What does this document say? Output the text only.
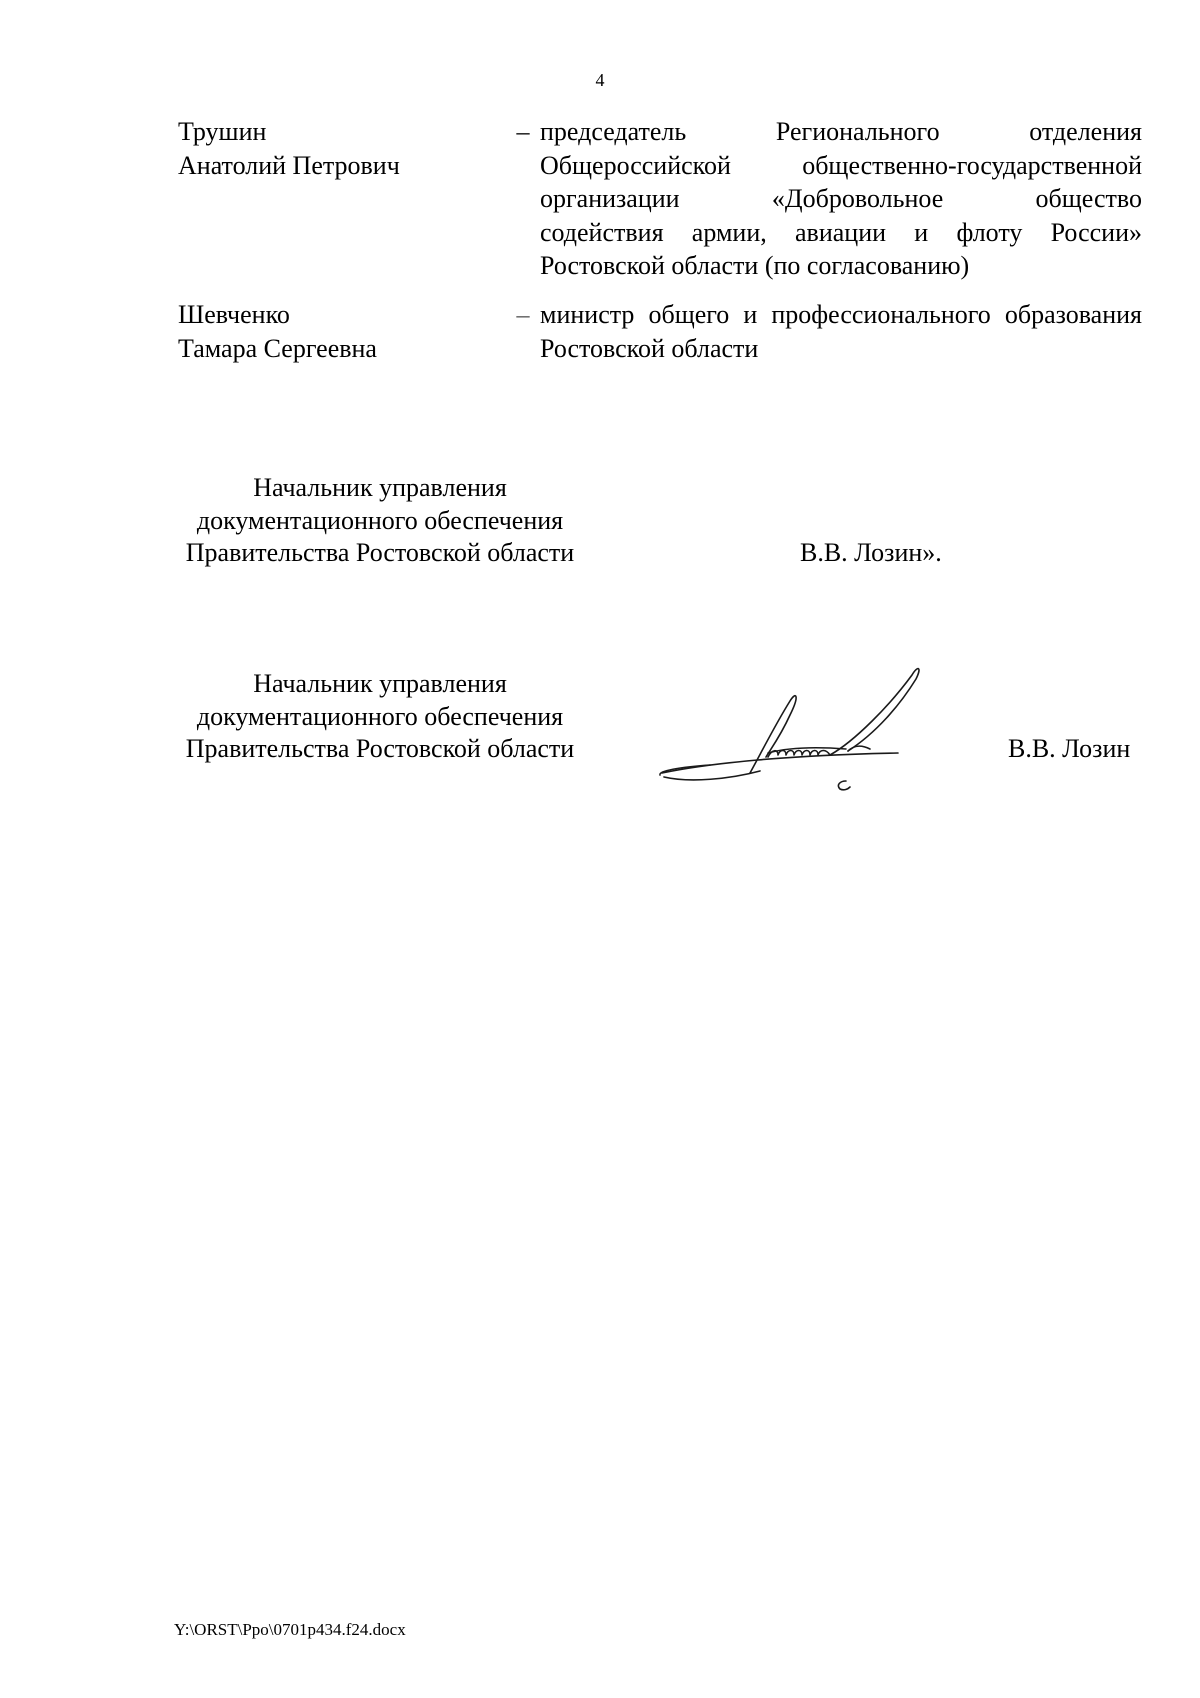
4
Трушин
Анатолий Петрович
– председатель Регионального отделения
Общероссийской общественно-государственной
организации «Добровольное общество
содействия армии, авиации и флоту России»
Ростовской области (по согласованию)
Шевченко
Тамара Сергеевна
– министр общего и профессионального образования
Ростовской области
Начальник управления
документационного обеспечения
Правительства Ростовской области	В.В. Лозин».
Начальник управления
документационного обеспечения
Правительства Ростовской области	В.В. Лозин
Y:\ORST\Ppo\0701p434.f24.docx
